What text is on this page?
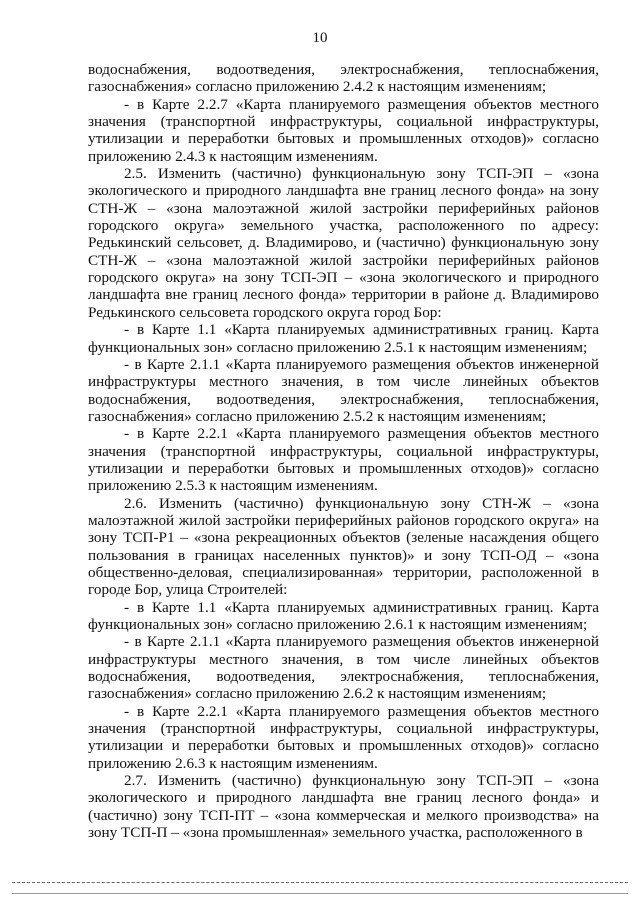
10

водоснабжения, водоотведения, электроснабжения, теплоснабжения, газоснабжения» согласно приложению 2.4.2 к настоящим изменениям;

- в Карте 2.2.7 «Карта планируемого размещения объектов местного значения (транспортной инфраструктуры, социальной инфраструктуры, утилизации и переработки бытовых и промышленных отходов)» согласно приложению 2.4.3 к настоящим изменениям.

2.5. Изменить (частично) функциональную зону ТСП-ЭП – «зона экологического и природного ландшафта вне границ лесного фонда» на зону СТН-Ж – «зона малоэтажной жилой застройки периферийных районов городского округа» земельного участка, расположенного по адресу: Редькинский сельсовет, д. Владимирово, и (частично) функциональную зону СТН-Ж – «зона малоэтажной жилой застройки периферийных районов городского округа» на зону ТСП-ЭП – «зона экологического и природного ландшафта вне границ лесного фонда» территории в районе д. Владимирово Редькинского сельсовета городского округа город Бор:

- в Карте 1.1 «Карта планируемых административных границ. Карта функциональных зон» согласно приложению 2.5.1 к настоящим изменениям;

- в Карте 2.1.1 «Карта планируемого размещения объектов инженерной инфраструктуры местного значения, в том числе линейных объектов водоснабжения, водоотведения, электроснабжения, теплоснабжения, газоснабжения» согласно приложению 2.5.2 к настоящим изменениям;

- в Карте 2.2.1 «Карта планируемого размещения объектов местного значения (транспортной инфраструктуры, социальной инфраструктуры, утилизации и переработки бытовых и промышленных отходов)» согласно приложению 2.5.3 к настоящим изменениям.

2.6. Изменить (частично) функциональную зону СТН-Ж – «зона малоэтажной жилой застройки периферийных районов городского округа» на зону ТСП-Р1 – «зона рекреационных объектов (зеленые насаждения общего пользования в границах населенных пунктов)» и зону ТСП-ОД – «зона общественно-деловая, специализированная» территории, расположенной в городе Бор, улица Строителей:

- в Карте 1.1 «Карта планируемых административных границ. Карта функциональных зон» согласно приложению 2.6.1 к настоящим изменениям;

- в Карте 2.1.1 «Карта планируемого размещения объектов инженерной инфраструктуры местного значения, в том числе линейных объектов водоснабжения, водоотведения, электроснабжения, теплоснабжения, газоснабжения» согласно приложению 2.6.2 к настоящим изменениям;

- в Карте 2.2.1 «Карта планируемого размещения объектов местного значения (транспортной инфраструктуры, социальной инфраструктуры, утилизации и переработки бытовых и промышленных отходов)» согласно приложению 2.6.3 к настоящим изменениям.

2.7. Изменить (частично) функциональную зону ТСП-ЭП – «зона экологического и природного ландшафта вне границ лесного фонда» и (частично) зону ТСП-ПТ – «зона коммерческая и мелкого производства» на зону ТСП-П – «зона промышленная» земельного участка, расположенного в
